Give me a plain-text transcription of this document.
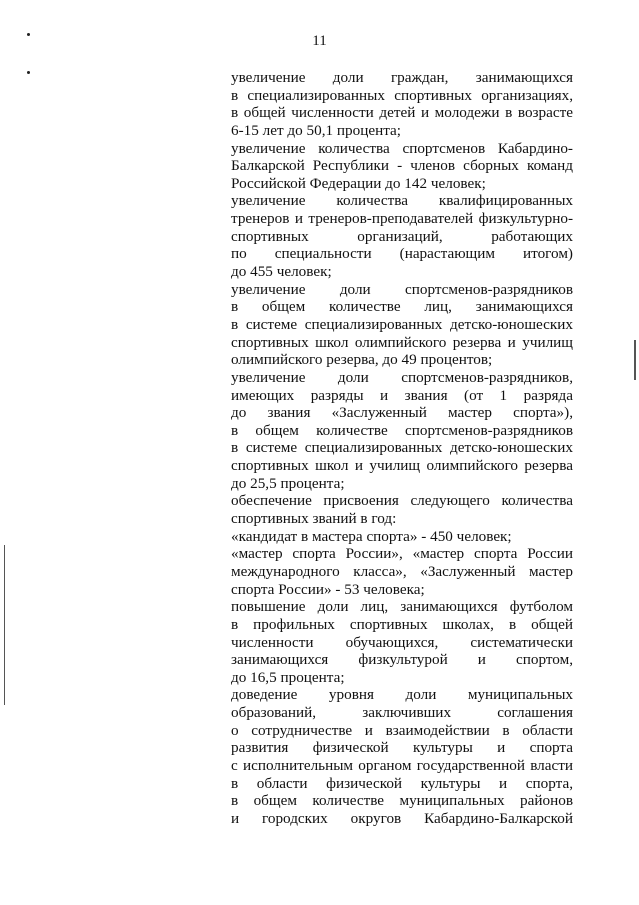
11
увеличение доли граждан, занимающихся
в специализированных спортивных организациях,
в общей численности детей и молодежи в возрасте
6-15 лет до 50,1 процента;
увеличение количества спортсменов Кабардино-
Балкарской Республики - членов сборных команд
Российской Федерации до 142 человек;
увеличение количества квалифицированных
тренеров и тренеров-преподавателей физкультурно-
спортивных организаций, работающих
по специальности (нарастающим итогом)
до 455 человек;
увеличение доли спортсменов-разрядников
в общем количестве лиц, занимающихся
в системе специализированных детско-юношеских
спортивных школ олимпийского резерва и училищ
олимпийского резерва, до 49 процентов;
увеличение доли спортсменов-разрядников,
имеющих разряды и звания (от 1 разряда
до звания «Заслуженный мастер спорта»),
в общем количестве спортсменов-разрядников
в системе специализированных детско-юношеских
спортивных школ и училищ олимпийского резерва
до 25,5 процента;
обеспечение присвоения следующего количества
спортивных званий в год:
«кандидат в мастера спорта» - 450 человек;
«мастер спорта России», «мастер спорта России
международного класса», «Заслуженный мастер
спорта России» - 53 человека;
повышение доли лиц, занимающихся футболом
в профильных спортивных школах, в общей
численности обучающихся, систематически
занимающихся физкультурой и спортом,
до 16,5 процента;
доведение уровня доли муниципальных
образований, заключивших соглашения
о сотрудничестве и взаимодействии в области
развития физической культуры и спорта
с исполнительным органом государственной власти
в области физической культуры и спорта,
в общем количестве муниципальных районов
и городских округов Кабардино-Балкарской
